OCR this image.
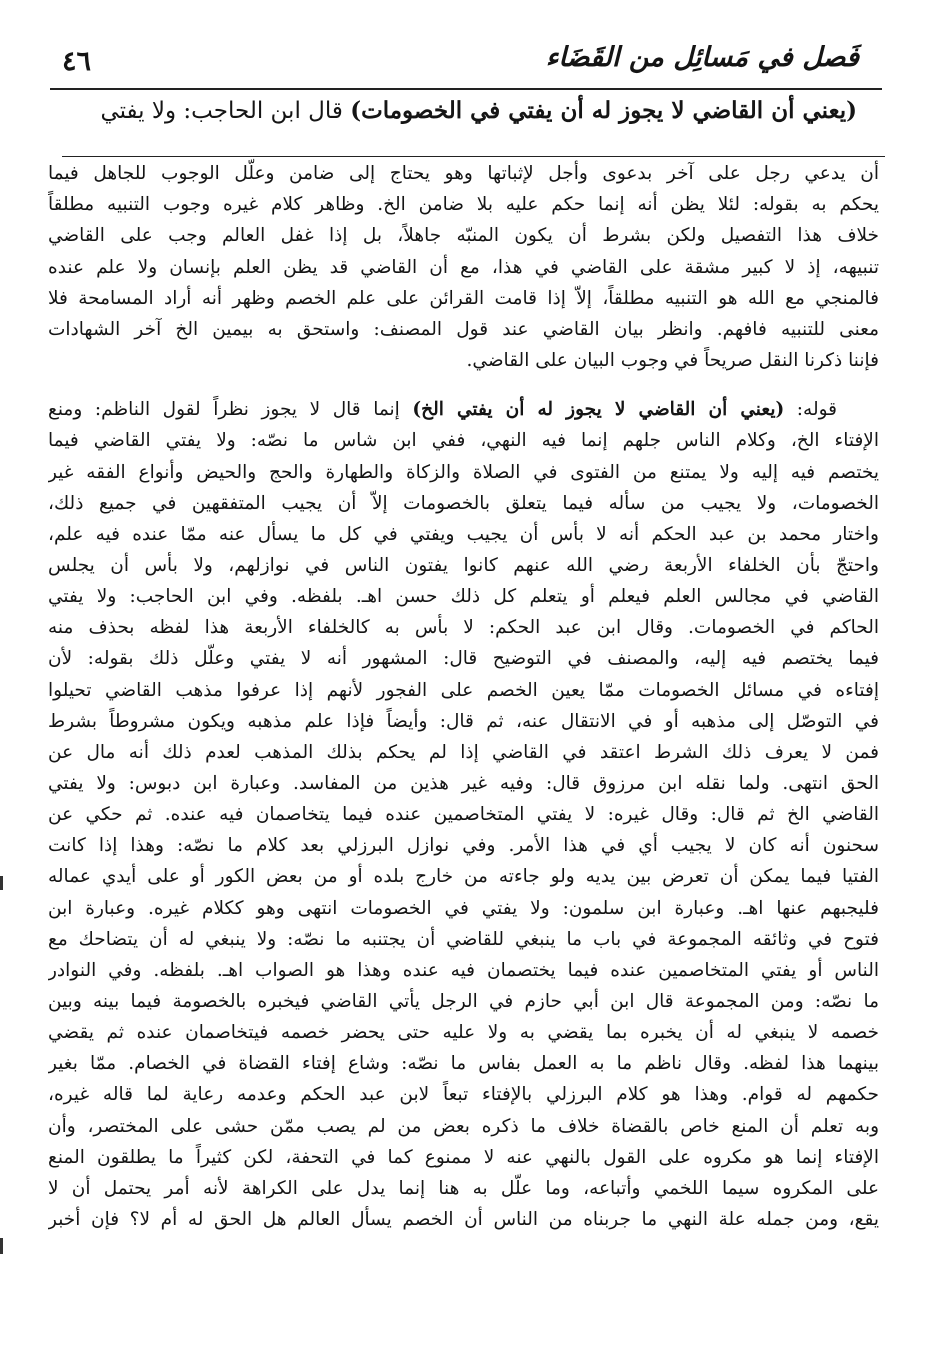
٤٦	فَصل في مَسائِل من القَضَاء
(يعني أن القاضي لا يجوز له أن يفتي في الخصومات) قال ابن الحاجب: ولا يفتي
أن يدعي رجل على آخر بدعوى وأجل لإثباتها وهو يحتاج إلى ضامن وعلّل الوجوب للجاهل فيما
يحكم به بقوله: لئلا يظن أنه إنما حكم عليه بلا ضامن الخ. وظاهر كلام غيره وجوب التنبيه مطلقاً
خلاف هذا التفصيل ولكن بشرط أن يكون المنبّه جاهلاً، بل إذا غفل العالم وجب على القاضي
تنبيهه، إذ لا كبير مشقة على القاضي في هذا، مع أن القاضي قد يظن العلم بإنسان ولا علم عنده
فالمنجي مع الله هو التنبيه مطلقاً، إلاّ إذا قامت القرائن على علم الخصم وظهر أنه أراد المسامحة فلا
معنى للتنبيه فافهم. وانظر بيان القاضي عند قول المصنف: واستحق به بيمين الخ آخر الشهادات
فإننا ذكرنا النقل صريحاً في وجوب البيان على القاضي.
قوله: (يعني أن القاضي لا يجوز له أن يفتي الخ) إنما قال لا يجوز نظراً لقول الناظم: ومنع
الإفتاء الخ، وكلام الناس جلهم إنما فيه النهي، ففي ابن شاس ما نصّه: ولا يفتي القاضي فيما
يختصم فيه إليه ولا يمتنع من الفتوى في الصلاة والزكاة والطهارة والحج والحيض وأنواع الفقه غير
الخصومات، ولا يجيب من سأله فيما يتعلق بالخصومات إلاّ أن يجيب المتفقهين في جميع ذلك،
واختار محمد بن عبد الحكم أنه لا بأس أن يجيب ويفتي في كل ما يسأل عنه ممّا عنده فيه علم،
واحتجّ بأن الخلفاء الأربعة رضي الله عنهم كانوا يفتون الناس في نوازلهم، ولا بأس أن يجلس
القاضي في مجالس العلم فيعلم أو يتعلم كل ذلك حسن اهـ. بلفظه. وفي ابن الحاجب: ولا يفتي
الحاكم في الخصومات. وقال ابن عبد الحكم: لا بأس به كالخلفاء الأربعة هذا لفظه بحذف منه
فيما يختصم فيه إليه، والمصنف في التوضيح قال: المشهور أنه لا يفتي وعلّل ذلك بقوله: لأن
إفتاءه في مسائل الخصومات ممّا يعين الخصم على الفجور لأنهم إذا عرفوا مذهب القاضي تحيلوا
في التوصّل إلى مذهبه أو في الانتقال عنه، ثم قال: وأيضاً فإذا علم مذهبه ويكون مشروطاً بشرط
فمن لا يعرف ذلك الشرط اعتقد في القاضي إذا لم يحكم بذلك المذهب لعدم ذلك أنه مال عن
الحق انتهى. ولما نقله ابن مرزوق قال: وفيه غير هذين من المفاسد. وعبارة ابن دبوس: ولا يفتي
القاضي الخ ثم قال: وقال غيره: لا يفتي المتخاصمين عنده فيما يتخاصمان فيه عنده. ثم حكي عن
سحنون أنه كان لا يجيب أي في هذا الأمر. وفي نوازل البرزلي بعد كلام ما نصّه: وهذا إذا كانت
الفتيا فيما يمكن أن تعرض بين يديه ولو جاءته من خارج بلده أو من بعض الكور أو على أيدي عماله
فليجبهم عنها اهـ. وعبارة ابن سلمون: ولا يفتي في الخصومات انتهى وهو ككلام غيره. وعبارة ابن
فتوح في وثائقه المجموعة في باب ما ينبغي للقاضي أن يجتنبه ما نصّه: ولا ينبغي له أن يتضاحك مع
الناس أو يفتي المتخاصمين عنده فيما يختصمان فيه عنده وهذا هو الصواب اهـ. بلفظه. وفي النوادر
ما نصّه: ومن المجموعة قال ابن أبي حازم في الرجل يأتي القاضي فيخبره بالخصومة فيما بينه وبين
خصمه لا ينبغي له أن يخبره بما يقضي به ولا عليه حتى يحضر خصمه فيتخاصمان عنده ثم يقضي
بينهما هذا لفظه. وقال ناظم ما به العمل بفاس ما نصّه: وشاع إفتاء القضاة في الخصام. ممّا بغير
حكمهم له قوام. وهذا هو كلام البرزلي بالإفتاء تبعاً لابن عبد الحكم وعدمه رعاية لما قاله غيره،
وبه تعلم أن المنع خاص بالقضاة خلاف ما ذكره بعض من لم يصب ممّن حشى على المختصر، وأن
الإفتاء إنما هو مكروه على القول بالنهي عنه لا ممنوع كما في التحفة، لكن كثيراً ما يطلقون المنع
على المكروه سيما اللخمي وأتباعه، وما علّل به هنا إنما يدل على الكراهة لأنه أمر يحتمل أن لا
يقع، ومن جمله علة النهي ما جربناه من الناس أن الخصم يسأل العالم هل الحق له أم لا؟ فإن أخبر
